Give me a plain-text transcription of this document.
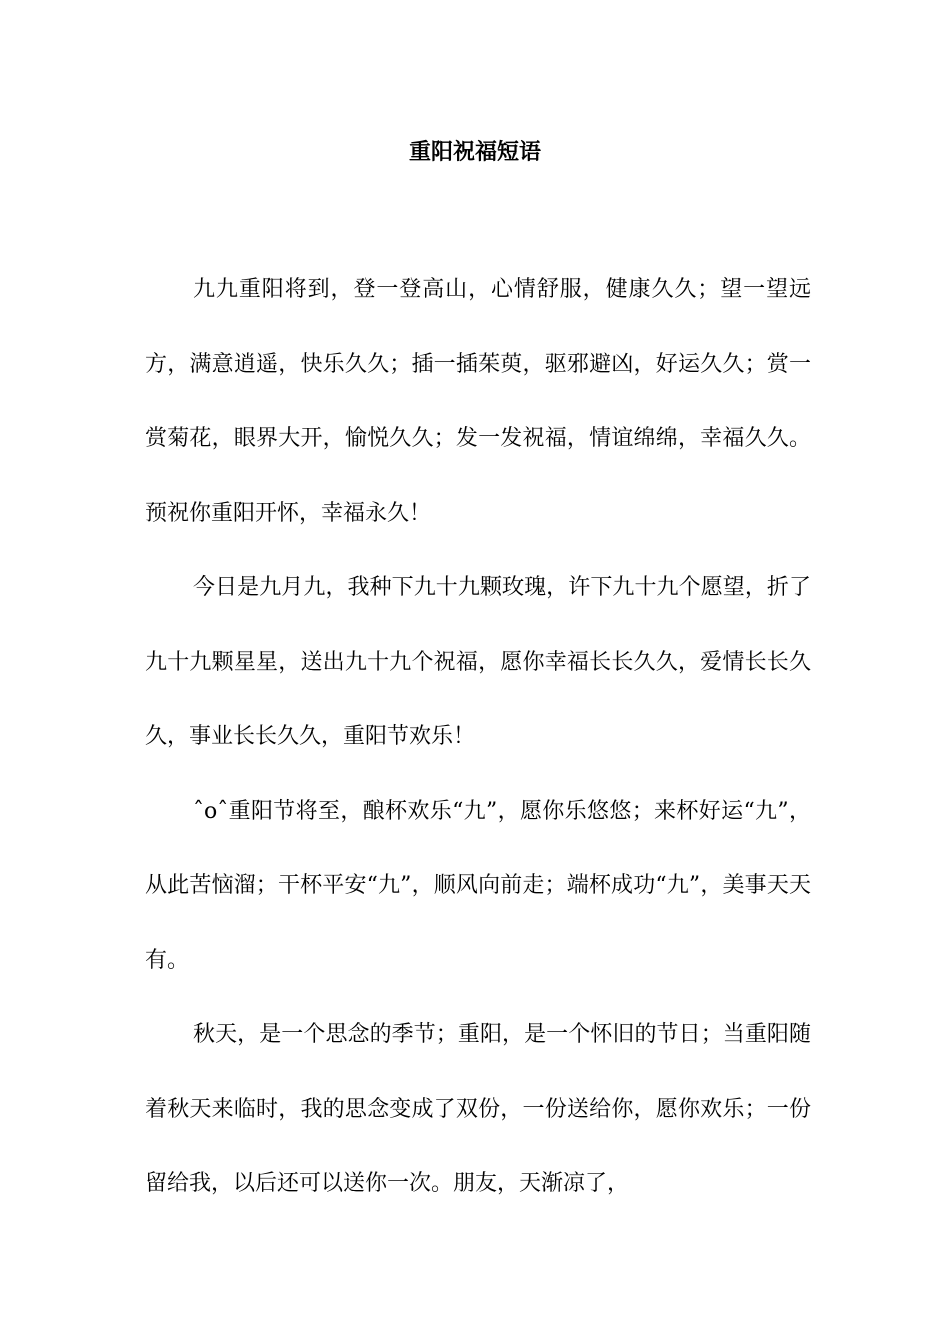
重阳祝福短语

九九重阳将到，登一登高山，心情舒服，健康久久；望一望远方，满意逍遥，快乐久久；插一插茱萸，驱邪避凶，好运久久；赏一赏菊花，眼界大开，愉悦久久；发一发祝福，情谊绵绵，幸福久久。预祝你重阳开怀，幸福永久！

今日是九月九，我种下九十九颗玫瑰，许下九十九个愿望，折了九十九颗星星，送出九十九个祝福，愿你幸福长长久久，爱情长长久久，事业长长久久，重阳节欢乐！

ˆoˆ重阳节将至，酿杯欢乐“九”，愿你乐悠悠；来杯好运“九”，从此苦恼溜；干杯平安“九”，顺风向前走；端杯成功“九”，美事天天有。

秋天，是一个思念的季节；重阳，是一个怀旧的节日；当重阳随着秋天来临时，我的思念变成了双份，一份送给你，愿你欢乐；一份留给我，以后还可以送你一次。朋友，天渐凉了，
